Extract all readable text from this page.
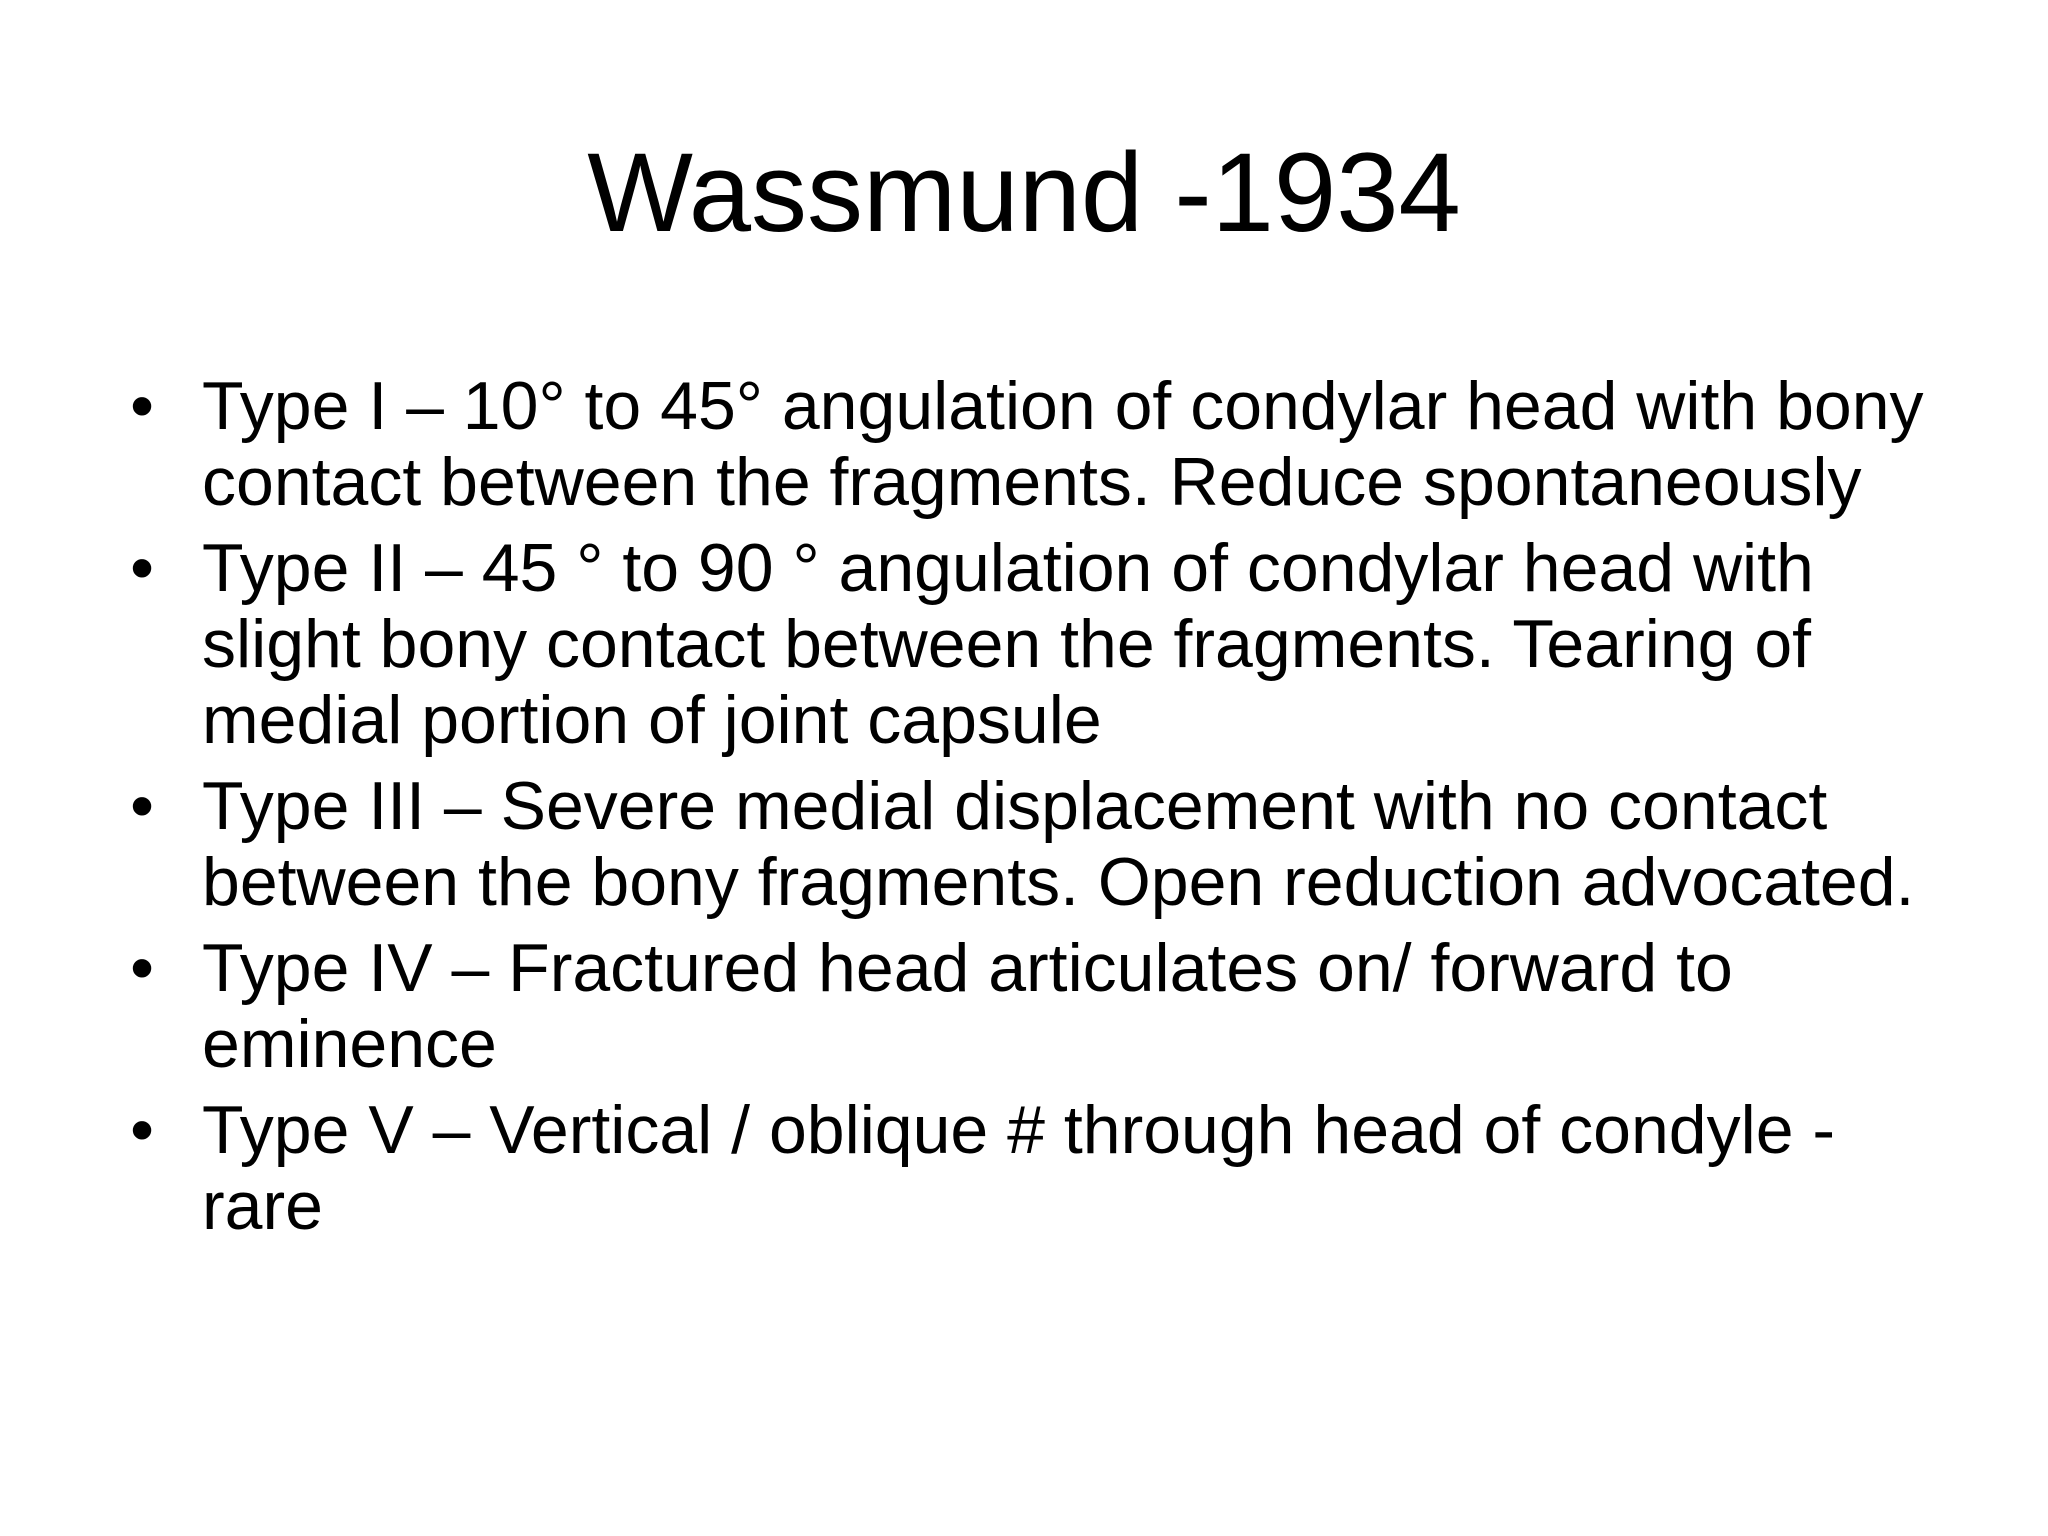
Wassmund -1934
• Type I – 10° to 45° angulation of condylar head with bony contact between the fragments. Reduce spontaneously
• Type II – 45 ° to 90 ° angulation of condylar head with slight bony contact between the fragments. Tearing of medial portion of joint capsule
• Type III – Severe medial displacement with no contact between the bony fragments. Open reduction advocated.
• Type IV – Fractured head articulates on/ forward to eminence
• Type V – Vertical / oblique # through head of condyle - rare
